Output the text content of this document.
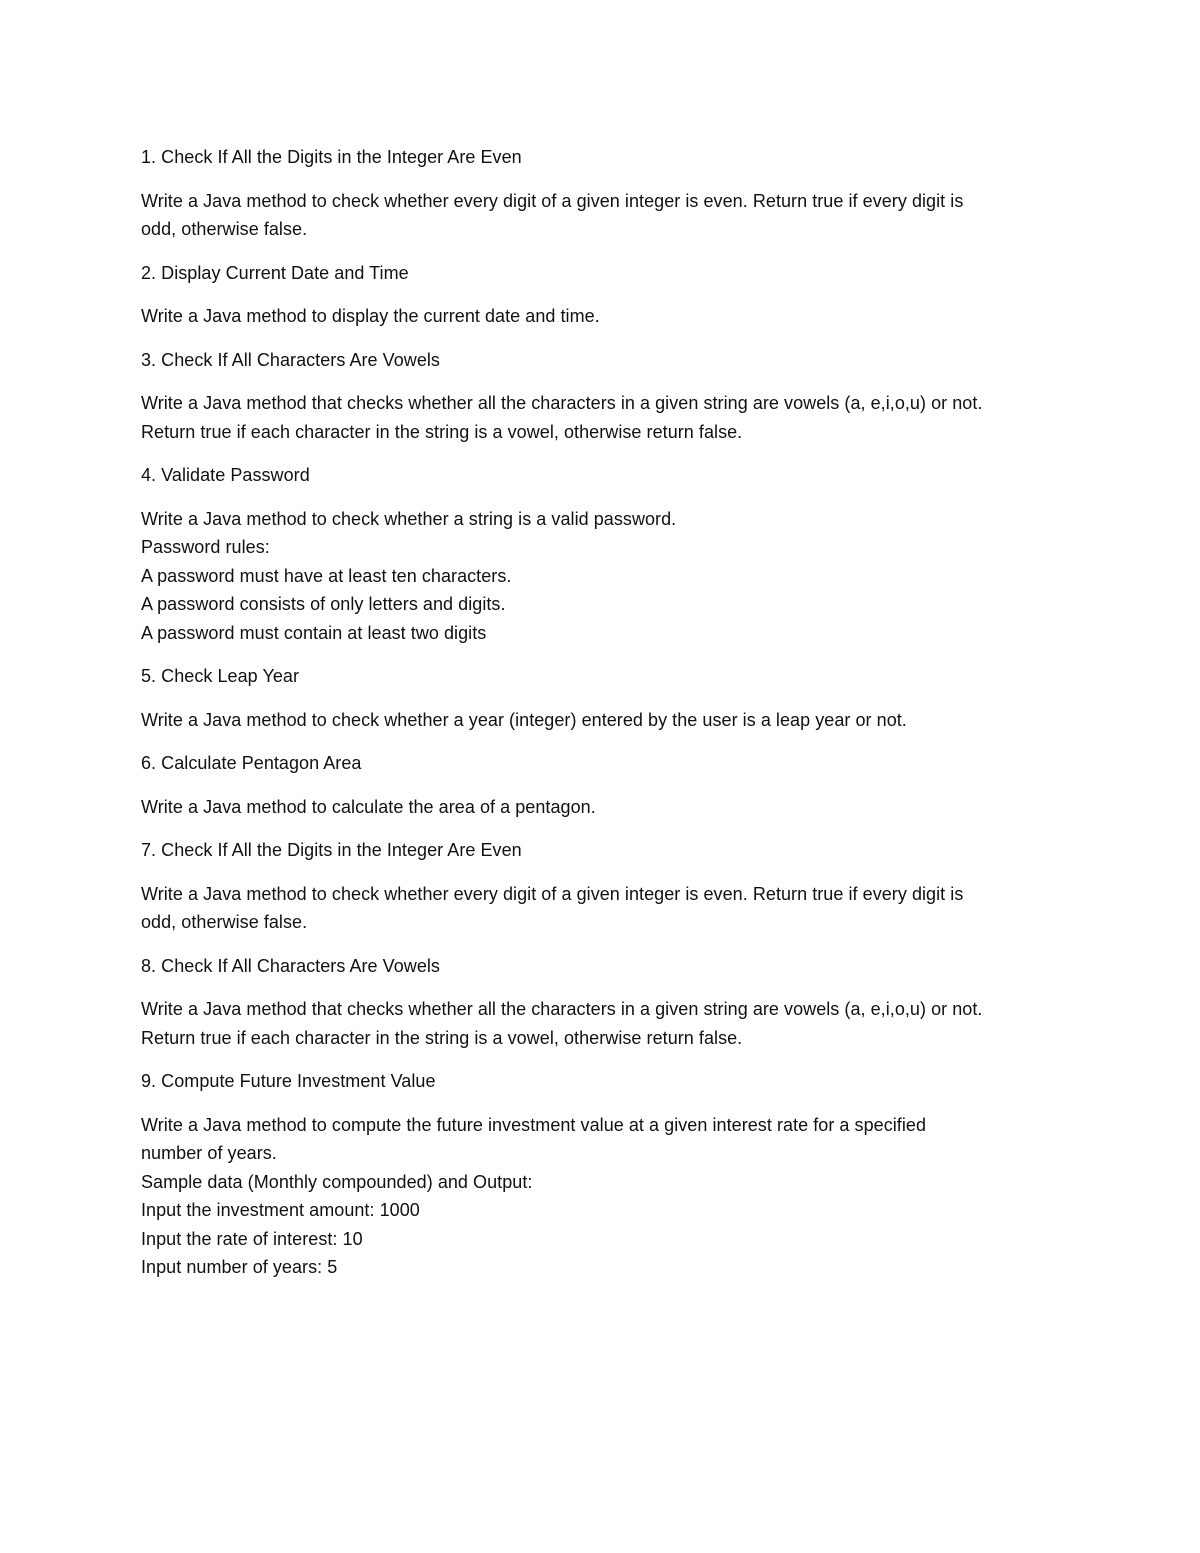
1. Check If All the Digits in the Integer Are Even
Write a Java method to check whether every digit of a given integer is even. Return true if every digit is
odd, otherwise false.
2. Display Current Date and Time
Write a Java method to display the current date and time.
3. Check If All Characters Are Vowels
Write a Java method that checks whether all the characters in a given string are vowels (a, e,i,o,u) or not.
Return true if each character in the string is a vowel, otherwise return false.
4. Validate Password
Write a Java method to check whether a string is a valid password.
Password rules:
A password must have at least ten characters.
A password consists of only letters and digits.
A password must contain at least two digits
5. Check Leap Year
Write a Java method to check whether a year (integer) entered by the user is a leap year or not.
6. Calculate Pentagon Area
Write a Java method to calculate the area of a pentagon.
7. Check If All the Digits in the Integer Are Even
Write a Java method to check whether every digit of a given integer is even. Return true if every digit is
odd, otherwise false.
8. Check If All Characters Are Vowels
Write a Java method that checks whether all the characters in a given string are vowels (a, e,i,o,u) or not.
Return true if each character in the string is a vowel, otherwise return false.
9. Compute Future Investment Value
Write a Java method to compute the future investment value at a given interest rate for a specified
number of years.
Sample data (Monthly compounded) and Output:
Input the investment amount: 1000
Input the rate of interest: 10
Input number of years: 5
